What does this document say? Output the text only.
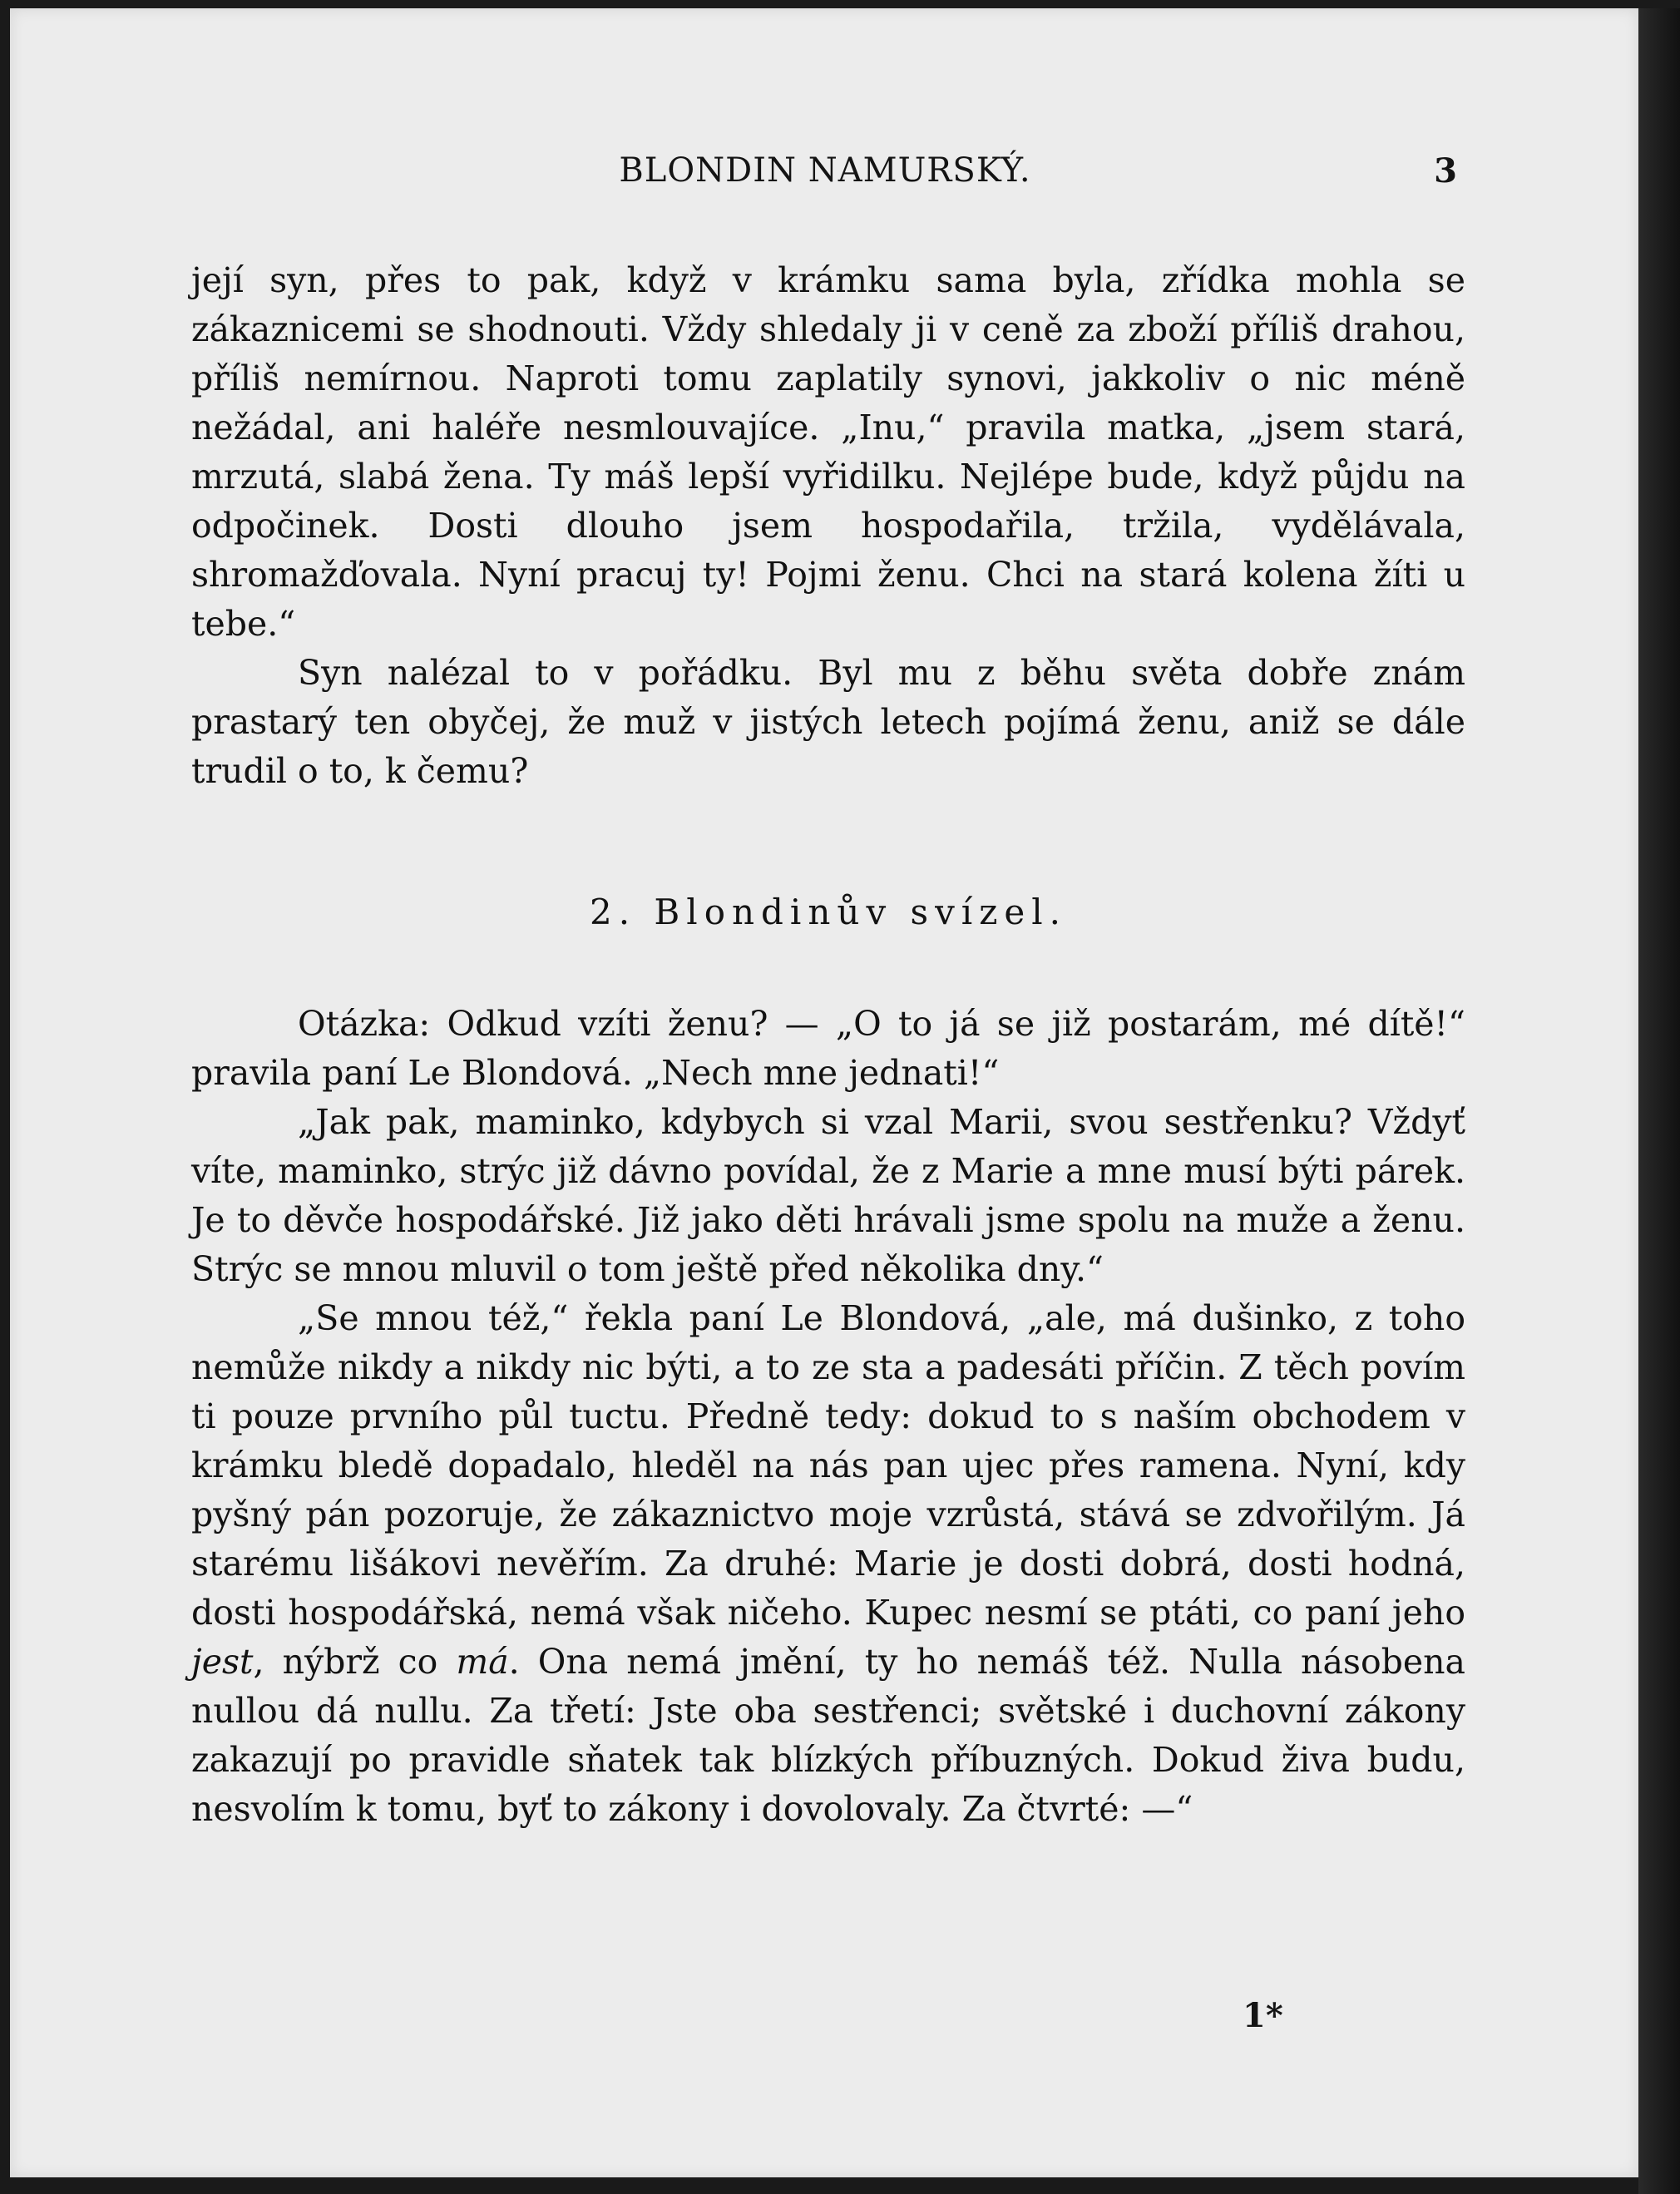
BLONDIN NAMURSKÝ.	3

její syn, přes to pak, když v krámku sama byla, zřídka mohla se zákaznicemi se shodnouti. Vždy shledaly ji v ceně za zboží příliš drahou, příliš nemírnou. Naproti tomu zaplatily synovi, jakkoliv o nic méně nežádal, ani haléře nesmlouvajíce. „Inu,“ pravila matka, „jsem stará, mrzutá, slabá žena. Ty máš lepší vyřidilku. Nejlépe bude, když půjdu na odpočinek. Dosti dlouho jsem hospodařila, tržila, vydělávala, shromažďovala. Nyní pracuj ty! Pojmi ženu. Chci na stará kolena žíti u tebe.“

Syn nalézal to v pořádku. Byl mu z běhu světa dobře znám prastarý ten obyčej, že muž v jistých letech pojímá ženu, aniž se dále trudil o to, k čemu?

2. Blondinův svízel.

Otázka: Odkud vzíti ženu? — „O to já se již postarám, mé dítě!“ pravila paní Le Blondová. „Nech mne jednati!“

„Jak pak, maminko, kdybych si vzal Marii, svou sestřenku? Vždyť víte, maminko, strýc již dávno povídal, že z Marie a mne musí býti párek. Je to děvče hospodářské. Již jako děti hrávali jsme spolu na muže a ženu. Strýc se mnou mluvil o tom ještě před několika dny.“

„Se mnou též,“ řekla paní Le Blondová, „ale, má dušinko, z toho nemůže nikdy a nikdy nic býti, a to ze sta a padesáti příčin. Z těch povím ti pouze prvního půl tuctu. Předně tedy: dokud to s naším obchodem v krámku bledě dopadalo, hleděl na nás pan ujec přes ramena. Nyní, kdy pyšný pán pozoruje, že zákaznictvo moje vzrůstá, stává se zdvořilým. Já starému lišákovi nevěřím. Za druhé: Marie je dosti dobrá, dosti hodná, dosti hospodářská, nemá však ničeho. Kupec nesmí se ptáti, co paní jeho jest, nýbrž co má. Ona nemá jmění, ty ho nemáš též. Nulla násobena nullou dá nullu. Za třetí: Jste oba sestřenci; světské i duchovní zákony zakazují po pravidle sňatek tak blízkých příbuzných. Dokud živa budu, nesvolím k tomu, byť to zákony i dovolovaly. Za čtvrté: —“

1*
